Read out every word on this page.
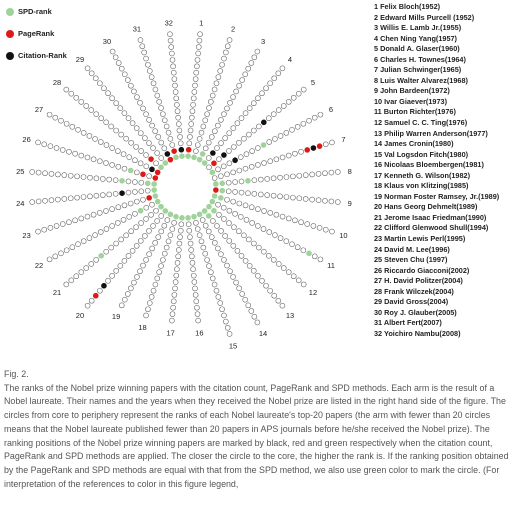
1
2
3
4
5
6
7
8
9
10
11
12
13
14
15
16
17
18
19
20
21
22
23
24
25
26
27
28
29
30
31
32
SPD-rank
PageRank
Citation-Rank
1 Felix Bloch(1952)
2 Edward Mills Purcell (1952)
3 Willis E. Lamb Jr.(1955)
4 Chen Ning Yang(1957)
5 Donald A. Glaser(1960)
6 Charles H. Townes(1964)
7 Julian Schwinger(1965)
8 Luis Walter Alvarez(1968)
9 John Bardeen(1972)
10 Ivar Giaever(1973)
11 Burton Richter(1976)
12 Samuel C. C. Ting(1976)
13 Philip Warren Anderson(1977)
14 James Cronin(1980)
15 Val Logsdon Fitch(1980)
16 Nicolaas Bloembergen(1981)
17 Kenneth G. Wilson(1982)
18 Klaus von Klitzing(1985)
19 Norman Foster Ramsey, Jr.(1989)
20 Hans Georg Dehmelt(1989)
21 Jerome Isaac Friedman(1990)
22 Clifford Glenwood Shull(1994)
23 Martin Lewis Perl(1995)
24 David M. Lee(1996)
25 Steven Chu (1997)
26 Riccardo Giacconi(2002)
27 H. David Politzer(2004)
28 Frank Wilczek(2004)
29 David Gross(2004)
30 Roy J. Glauber(2005)
31 Albert Fert(2007)
32 Yoichiro Nambu(2008)
Fig. 2.
The ranks of the Nobel prize winning papers with the citation count, PageRank and SPD methods. Each arm is the result of a Nobel laureate. Their names and the years when they received the Nobel prize are listed in the right hand side of the figure. The circles from core to periphery represent the ranks of each Nobel laureate's top-20 papers (the arm with fewer than 20 circles means that the Nobel laureate published fewer than 20 papers in APS journals before he/she received the Nobel prize). The ranking positions of the Nobel prize winning papers are marked by black, red and green respectively when the citation count, PageRank and SPD methods are applied. The closer the circle to the core, the higher the rank is. If the ranking position obtained by the PageRank and SPD methods are equal with that from the SPD method, we also use green color to mark the circle. (For interpretation of the references to color in this figure legend,
